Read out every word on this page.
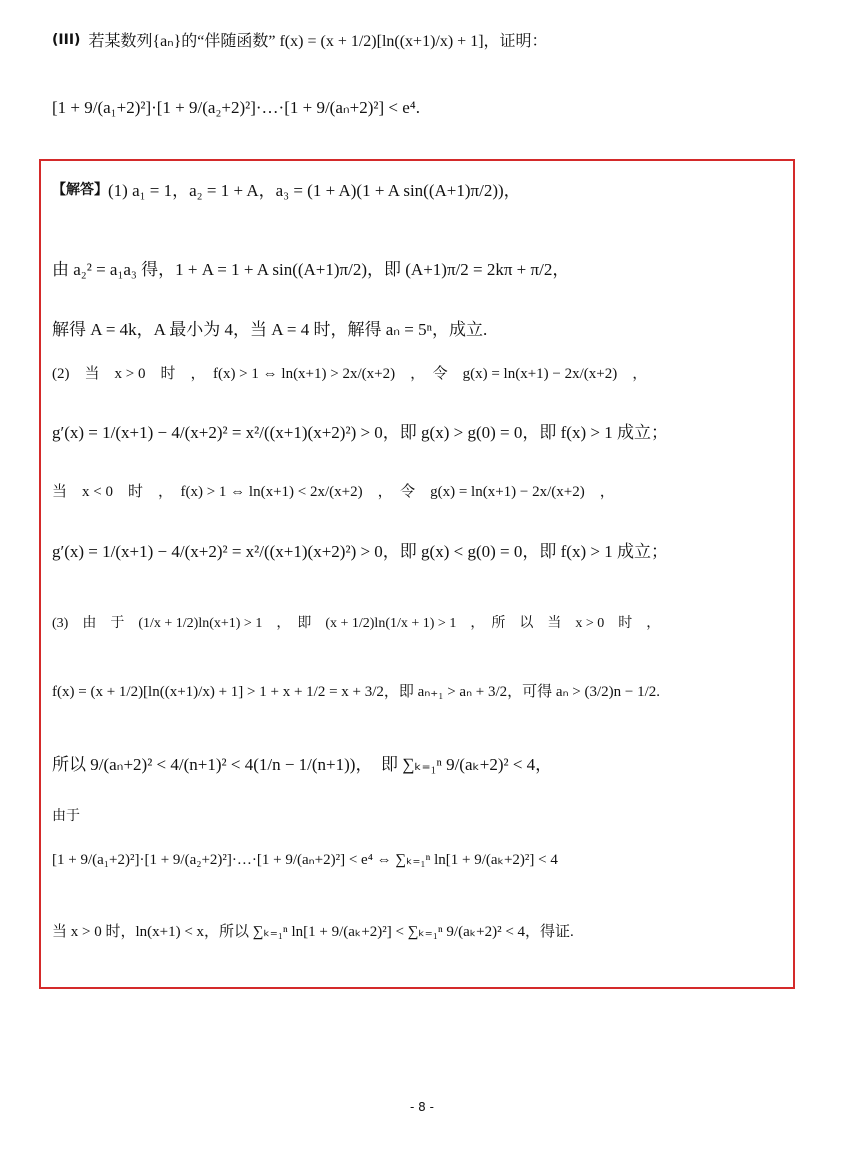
(III) 若某数列{aₙ}的“伴随函数” f(x) = (x + 1/2)[ln((x+1)/x) + 1]，证明：
[1 + 9/(a₁+2)²]·[1 + 9/(a₂+2)²]·…·[1 + 9/(aₙ+2)²] < e⁴.
【解答】 (1) a₁ = 1，a₂ = 1 + A，a₃ = (1 + A)(1 + A sin((A+1)π/2))，
由 a₂² = a₁a₃ 得，1 + A = 1 + A sin((A+1)π/2)，即 (A+1)π/2 = 2kπ + π/2，
解得 A = 4k，A 最小为 4，当 A = 4 时，解得 aₙ = 5ⁿ，成立.
(2)　当　x > 0　时　，　f(x) > 1 ⇔ ln(x+1) > 2x/(x+2)　，　令　g(x) = ln(x+1) − 2x/(x+2)　，
g′(x) = 1/(x+1) − 4/(x+2)² = x²/((x+1)(x+2)²) > 0，即 g(x) > g(0) = 0，即 f(x) > 1 成立；
当　x < 0　时　，　f(x) > 1 ⇔ ln(x+1) < 2x/(x+2)　，　令　g(x) = ln(x+1) − 2x/(x+2)　，
g′(x) = 1/(x+1) − 4/(x+2)² = x²/((x+1)(x+2)²) > 0，即 g(x) < g(0) = 0，即 f(x) > 1 成立；
(3)　由　于　(1/x + 1/2)ln(x+1) > 1　，　即　(x + 1/2)ln(1/x + 1) > 1　，　所　以　当　x > 0　时　，
f(x) = (x + 1/2)[ln((x+1)/x) + 1] > 1 + x + 1/2 = x + 3/2，即 aₙ₊₁ > aₙ + 3/2，可得 aₙ > (3/2)n − 1/2.
所以 9/(aₙ+2)² < 4/(n+1)² < 4(1/n − 1/(n+1))，　即 ∑ₖ₌₁ⁿ 9/(aₖ+2)² < 4，
由于
[1 + 9/(a₁+2)²]·[1 + 9/(a₂+2)²]·…·[1 + 9/(aₙ+2)²] < e⁴ ⇔ ∑ₖ₌₁ⁿ ln[1 + 9/(aₖ+2)²] < 4
当 x > 0 时，ln(x+1) < x，所以 ∑ₖ₌₁ⁿ ln[1 + 9/(aₖ+2)²] < ∑ₖ₌₁ⁿ 9/(aₖ+2)² < 4，得证.
- 8 -
